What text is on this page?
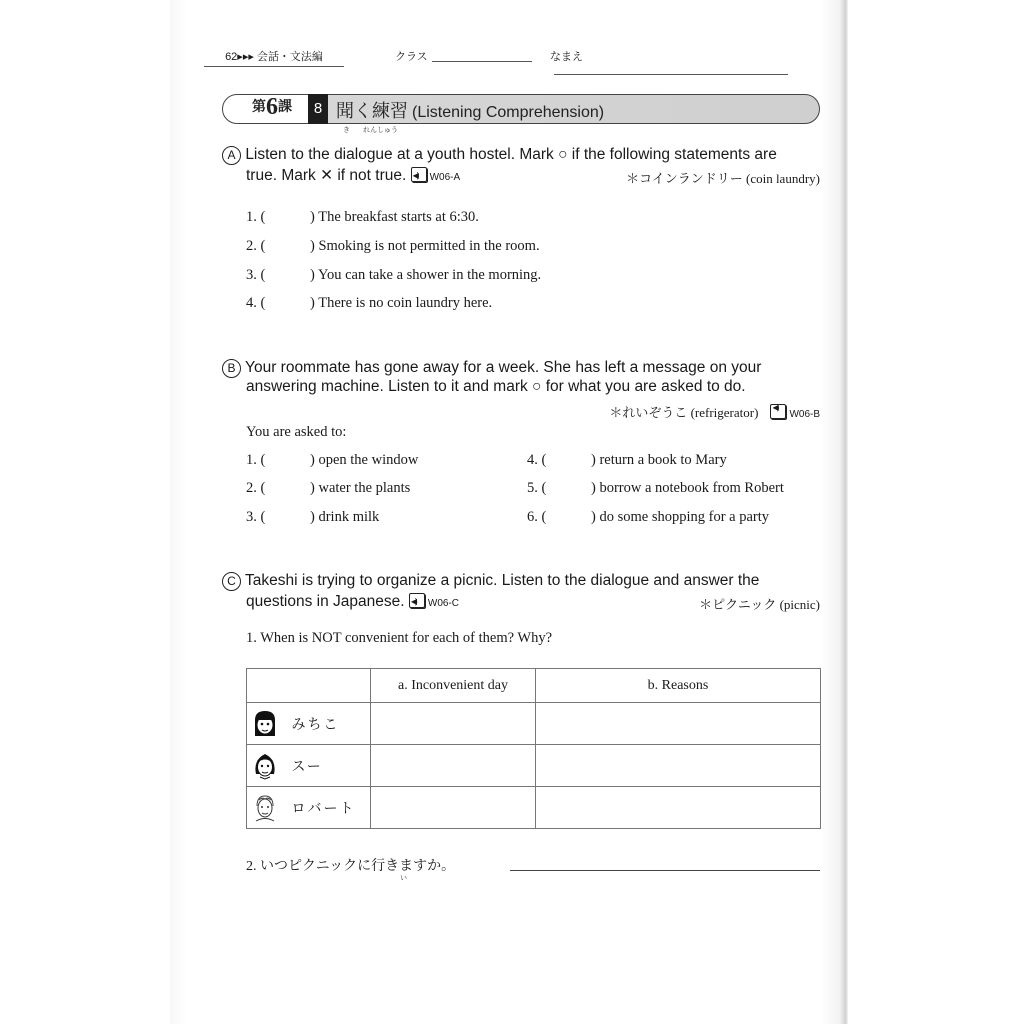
62▸▸▸ 会話・文法編	クラス	なまえ
第6課	8 聞く練習 (Listening Comprehension)
き れんしゅう
A Listen to the dialogue at a youth hostel. Mark ○ if the following statements are
true. Mark ✕ if not true. ◀) W06-A	＊コインランドリー (coin laundry)
1. (	) The breakfast starts at 6:30.
2. (	) Smoking is not permitted in the room.
3. (	) You can take a shower in the morning.
4. (	) There is no coin laundry here.
B Your roommate has gone away for a week. She has left a message on your
answering machine. Listen to it and mark ○ for what you are asked to do.
＊れいぞうこ (refrigerator) ◀)	W06-B
You are asked to:
1. (	) open the window
2. (	) water the plants
3. (	) drink milk
4. (	) return a book to Mary
5. (	) borrow a notebook from Robert
6. (	) do some shopping for a party
C Takeshi is trying to organize a picnic. Listen to the dialogue and answer the
questions in Japanese. ◀) W06-C	＊ピクニック (picnic)
1. When is NOT convenient for each of them? Why?
	a. Inconvenient day	b. Reasons
みちこ		
スー		
ロバート		
2. いつピクニックに行きますか。
い
